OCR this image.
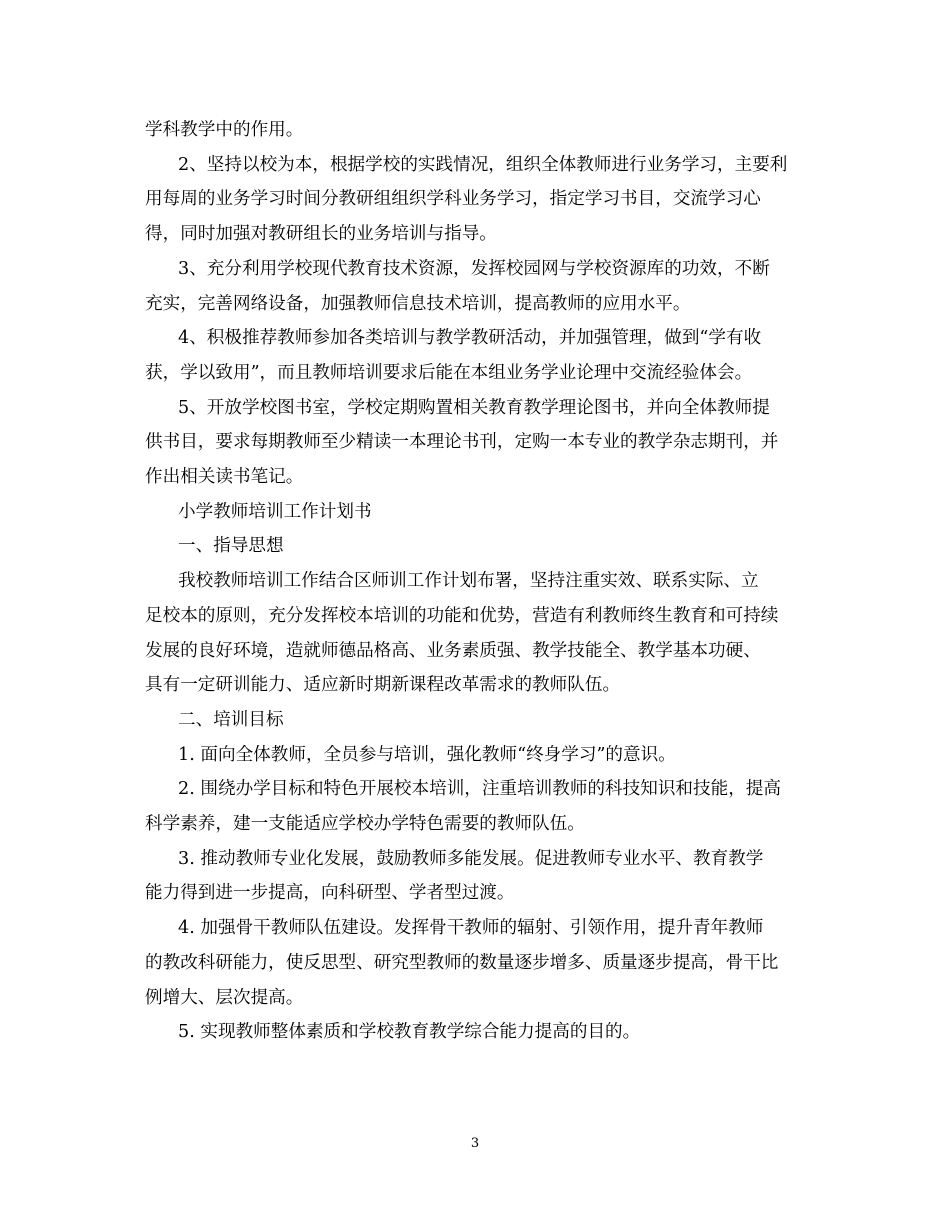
学科教学中的作用。

2、坚持以校为本，根据学校的实践情况，组织全体教师进行业务学习，主要利
用每周的业务学习时间分教研组组织学科业务学习，指定学习书目，交流学习心
得，同时加强对教研组长的业务培训与指导。

3、充分利用学校现代教育技术资源，发挥校园网与学校资源库的功效，不断
充实，完善网络设备，加强教师信息技术培训，提高教师的应用水平。

4、积极推荐教师参加各类培训与教学教研活动，并加强管理，做到“学有收
获，学以致用”，而且教师培训要求后能在本组业务学业论理中交流经验体会。

5、开放学校图书室，学校定期购置相关教育教学理论图书，并向全体教师提
供书目，要求每期教师至少精读一本理论书刊，定购一本专业的教学杂志期刊，并
作出相关读书笔记。

小学教师培训工作计划书

一、指导思想

我校教师培训工作结合区师训工作计划布署，坚持注重实效、联系实际、立
足校本的原则，充分发挥校本培训的功能和优势，营造有利教师终生教育和可持续
发展的良好环境，造就师德品格高、业务素质强、教学技能全、教学基本功硬、
具有一定研训能力、适应新时期新课程改革需求的教师队伍。

二、培训目标

1. 面向全体教师，全员参与培训，强化教师“终身学习”的意识。

2. 围绕办学目标和特色开展校本培训，注重培训教师的科技知识和技能，提高
科学素养，建一支能适应学校办学特色需要的教师队伍。

3. 推动教师专业化发展，鼓励教师多能发展。促进教师专业水平、教育教学
能力得到进一步提高，向科研型、学者型过渡。

4. 加强骨干教师队伍建设。发挥骨干教师的辐射、引领作用，提升青年教师
的教改科研能力，使反思型、研究型教师的数量逐步增多、质量逐步提高，骨干比
例增大、层次提高。

5. 实现教师整体素质和学校教育教学综合能力提高的目的。

3
